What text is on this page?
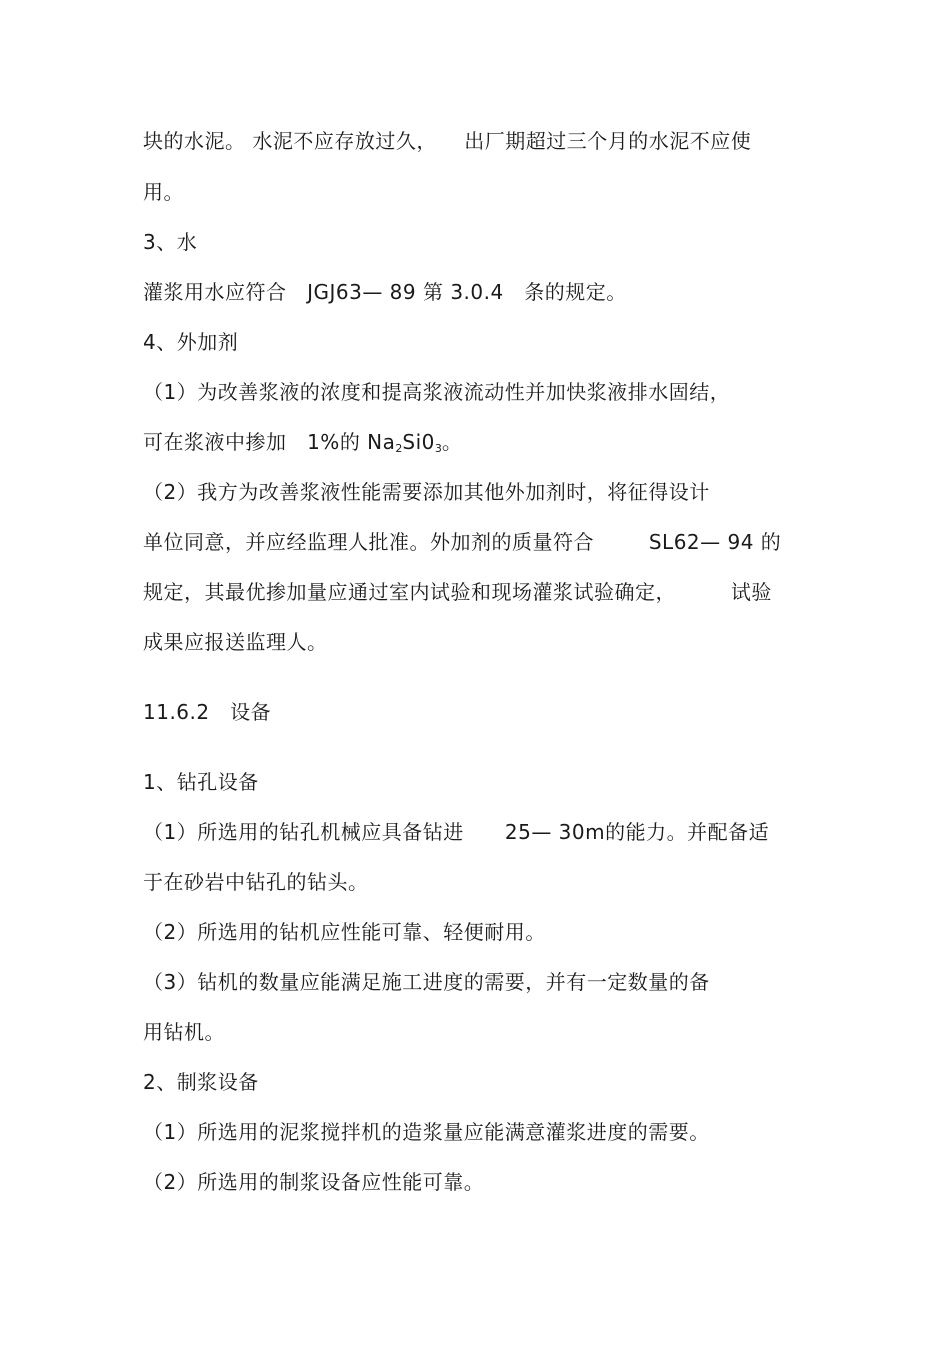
块的水泥。 水泥不应存放过久，    出厂期超过三个月的水泥不应使
用。
3、水
灌浆用水应符合   JGJ63— 89 第 3.0.4   条的规定。
4、外加剂
（1）为改善浆液的浓度和提高浆液流动性并加快浆液排水固结，
可在浆液中掺加   1%的 $Na_2Si0_3$。
（2）我方为改善浆液性能需要添加其他外加剂时，将征得设计
单位同意，并应经监理人批准。外加剂的质量符合        SL62— 94 的
规定，其最优掺加量应通过室内试验和现场灌浆试验确定，        试验
成果应报送监理人。
11.6.2   设备
1、钻孔设备
（1）所选用的钻孔机械应具备钻进      25— 30m的能力。并配备适
于在砂岩中钻孔的钻头。
（2）所选用的钻机应性能可靠、轻便耐用。
（3）钻机的数量应能满足施工进度的需要，并有一定数量的备
用钻机。
2、制浆设备
（1）所选用的泥浆搅拌机的造浆量应能满意灌浆进度的需要。
（2）所选用的制浆设备应性能可靠。
